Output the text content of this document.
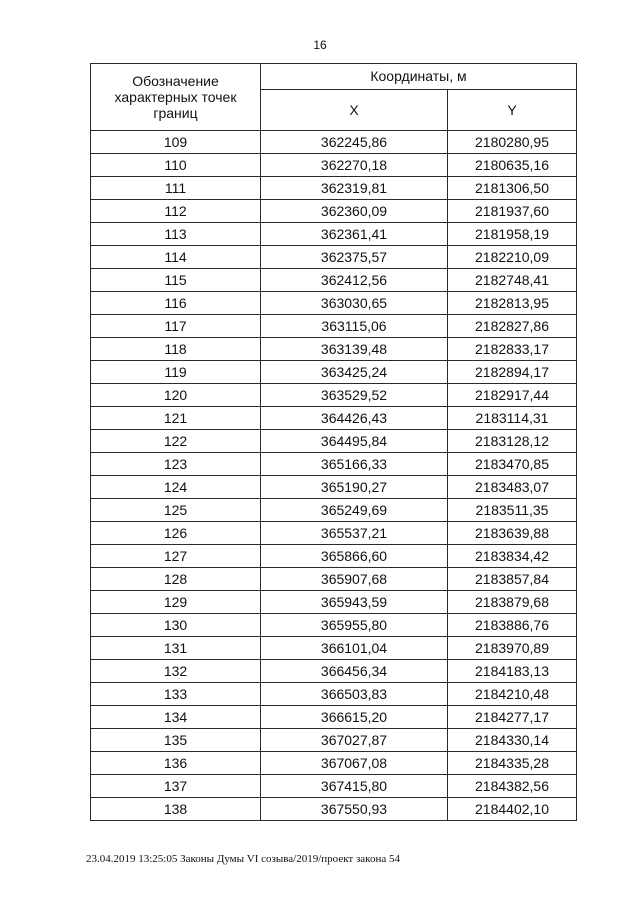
16
Обозначение характерных точек границ	Координаты, м	
	X	Y
109	362245,86	2180280,95
110	362270,18	2180635,16
111	362319,81	2181306,50
112	362360,09	2181937,60
113	362361,41	2181958,19
114	362375,57	2182210,09
115	362412,56	2182748,41
116	363030,65	2182813,95
117	363115,06	2182827,86
118	363139,48	2182833,17
119	363425,24	2182894,17
120	363529,52	2182917,44
121	364426,43	2183114,31
122	364495,84	2183128,12
123	365166,33	2183470,85
124	365190,27	2183483,07
125	365249,69	2183511,35
126	365537,21	2183639,88
127	365866,60	2183834,42
128	365907,68	2183857,84
129	365943,59	2183879,68
130	365955,80	2183886,76
131	366101,04	2183970,89
132	366456,34	2184183,13
133	366503,83	2184210,48
134	366615,20	2184277,17
135	367027,87	2184330,14
136	367067,08	2184335,28
137	367415,80	2184382,56
138	367550,93	2184402,10
23.04.2019 13:25:05 Законы Думы VI созыва/2019/проект закона 54
